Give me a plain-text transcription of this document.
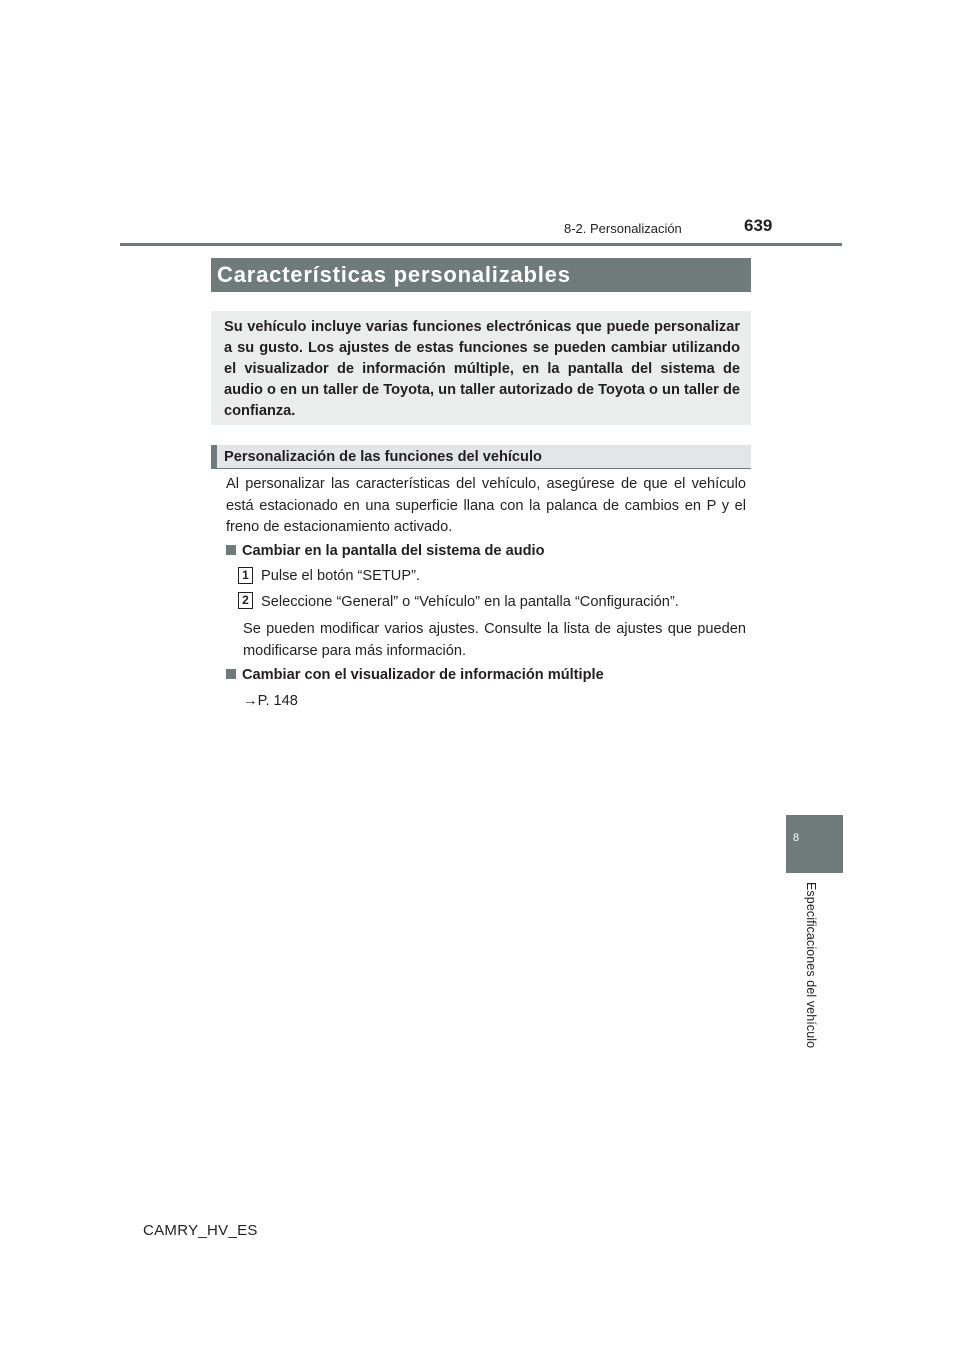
8-2. Personalización	639
Características personalizables
Su vehículo incluye varias funciones electrónicas que puede personalizar a su gusto. Los ajustes de estas funciones se pueden cambiar utilizando el visualizador de información múltiple, en la pantalla del sistema de audio o en un taller de Toyota, un taller autorizado de Toyota o un taller de confianza.
Personalización de las funciones del vehículo
Al personalizar las características del vehículo, asegúrese de que el vehículo está estacionado en una superficie llana con la palanca de cambios en P y el freno de estacionamiento activado.
Cambiar en la pantalla del sistema de audio
1 Pulse el botón “SETUP”.
2 Seleccione “General” o “Vehículo” en la pantalla “Configuración”.
Se pueden modificar varios ajustes. Consulte la lista de ajustes que pueden modificarse para más información.
Cambiar con el visualizador de información múltiple
→P. 148
8
Especificaciones del vehículo
CAMRY_HV_ES
